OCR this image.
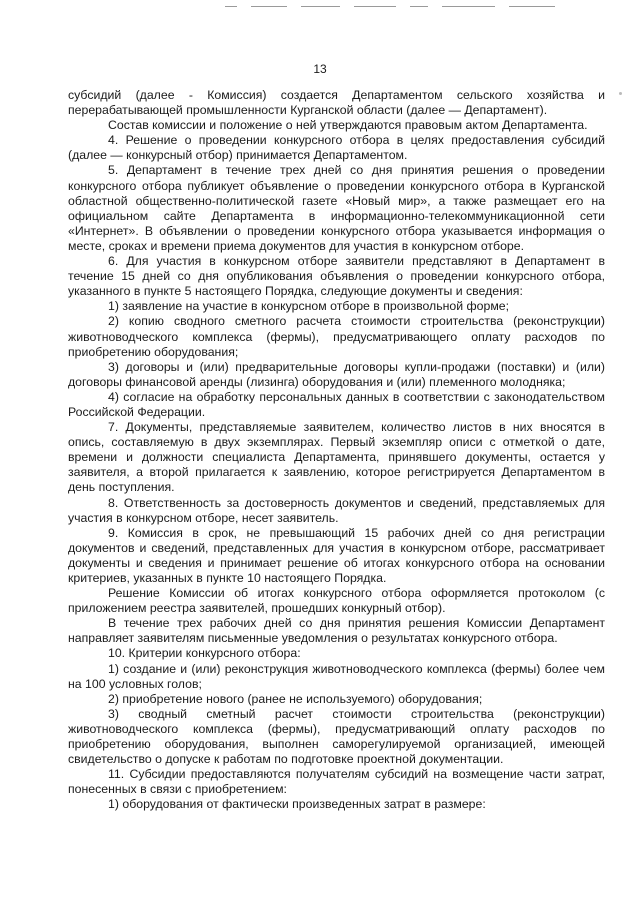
13

субсидий (далее - Комиссия) создается Департаментом сельского хозяйства и перерабатывающей промышленности Курганской области (далее — Департамент).

Состав комиссии и положение о ней утверждаются правовым актом Департамента.

4. Решение о проведении конкурсного отбора в целях предоставления субсидий (далее — конкурсный отбор) принимается Департаментом.

5. Департамент в течение трех дней со дня принятия решения о проведении конкурсного отбора публикует объявление о проведении конкурсного отбора в Курганской областной общественно-политической газете «Новый мир», а также размещает его на официальном сайте Департамента в информационно-телекоммуникационной сети «Интернет». В объявлении о проведении конкурсного отбора указывается информация о месте, сроках и времени приема документов для участия в конкурсном отборе.

6. Для участия в конкурсном отборе заявители представляют в Департамент в течение 15 дней со дня опубликования объявления о проведении конкурсного отбора, указанного в пункте 5 настоящего Порядка, следующие документы и сведения:

1) заявление на участие в конкурсном отборе в произвольной форме;

2) копию сводного сметного расчета стоимости строительства (реконструкции) животноводческого комплекса (фермы), предусматривающего оплату расходов по приобретению оборудования;

3) договоры и (или) предварительные договоры купли-продажи (поставки) и (или) договоры финансовой аренды (лизинга) оборудования и (или) племенного молодняка;

4) согласие на обработку персональных данных в соответствии с законодательством Российской Федерации.

7. Документы, представляемые заявителем, количество листов в них вносятся в опись, составляемую в двух экземплярах. Первый экземпляр описи с отметкой о дате, времени и должности специалиста Департамента, принявшего документы, остается у заявителя, а второй прилагается к заявлению, которое регистрируется Департаментом в день поступления.

8. Ответственность за достоверность документов и сведений, представляемых для участия в конкурсном отборе, несет заявитель.

9. Комиссия в срок, не превышающий 15 рабочих дней со дня регистрации документов и сведений, представленных для участия в конкурсном отборе, рассматривает документы и сведения и принимает решение об итогах конкурсного отбора на основании критериев, указанных в пункте 10 настоящего Порядка.

Решение Комиссии об итогах конкурсного отбора оформляется протоколом (с приложением реестра заявителей, прошедших конкурный отбор).

В течение трех рабочих дней со дня принятия решения Комиссии Департамент направляет заявителям письменные уведомления о результатах конкурсного отбора.

10. Критерии конкурсного отбора:

1) создание и (или) реконструкция животноводческого комплекса (фермы) более чем на 100 условных голов;

2) приобретение нового (ранее не используемого) оборудования;

3) сводный сметный расчет стоимости строительства (реконструкции) животноводческого комплекса (фермы), предусматривающий оплату расходов по приобретению оборудования, выполнен саморегулируемой организацией, имеющей свидетельство о допуске к работам по подготовке проектной документации.

11. Субсидии предоставляются получателям субсидий на возмещение части затрат, понесенных в связи с приобретением:

1) оборудования от фактически произведенных затрат в размере:
